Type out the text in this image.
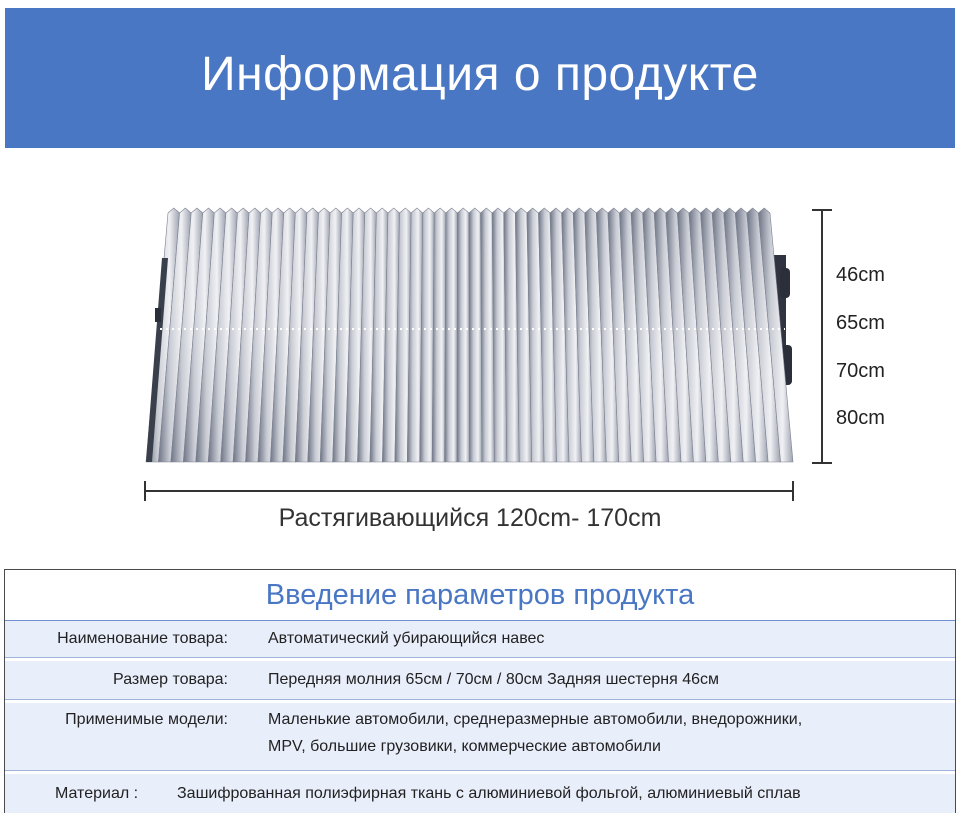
Информация о продукте
46cm
65cm
70cm
80cm
Растягивающийся 120cm- 170cm
Введение параметров продукта
Наименование товара:	Автоматический убирающийся навес
Размер товара:	Передняя молния 65см / 70см / 80см Задняя шестерня 46см
Применимые модели:	Маленькие автомобили, среднеразмерные автомобили, внедорожники,
MPV, большие грузовики, коммерческие автомобили
Материал : Зашифрованная полиэфирная ткань с алюминиевой фольгой, алюминиевый сплав
